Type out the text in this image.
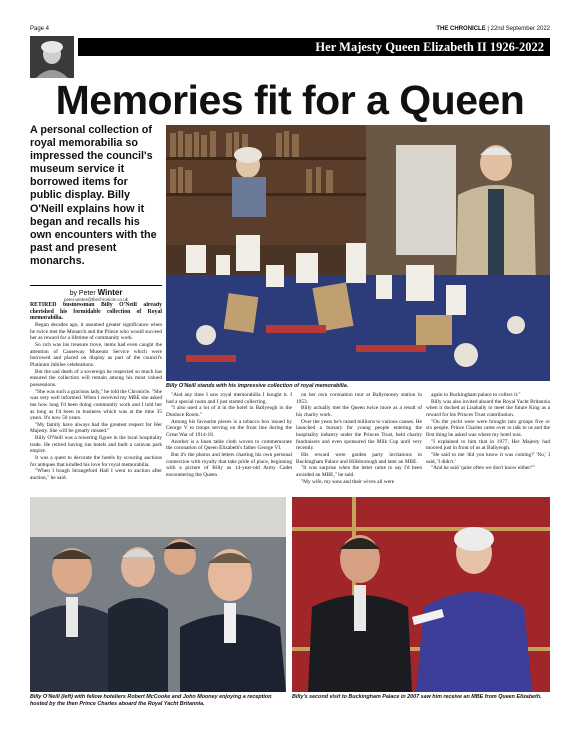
Page 4	THE CHRONICLE | 22nd September 2022
Her Majesty Queen Elizabeth II 1926-2022
Memories fit for a Queen
A personal collection of royal memorabilia so impressed the council's museum service it borrowed items for public display. Billy O'Neill explains how it began and recalls his own encounters with the past and present monarchs.
by Peter Winter
peter.winter@thechronicle.co.uk

RETIRED businessman Billy O'Neill already cherished his formidable collection of Royal memorabilia.

Begun decades ago, it assumed greater significance when he twice met the Monarch and the Prince who would succeed her as reward for a lifetime of community work.

So rich was his treasure trove, items had even caught the attention of Causeway Museum Service which were borrowed and placed on display as part of the council's Platinum Jubilee celebrations.

But the sad death of a sovereign he respected so much has ensured the collection will remain among his most valued possessions.

"She was such a gracious lady," he told the Chronicle. "She was very well informed. When I received my MBE she asked me how long I'd been doing community work and I told her as long as I'd been in business which was at the time 35 years. It's now 50 years.

"My family have always had the greatest respect for Her Majesty. She will be greatly missed."

Billy O'Neill was a towering figure in the local hospitality trade. He retired having run hotels and built a caravan park empire.

It was a quest to decorate the hotels by scouring auctions for antiques that kindled his love for royal memorabilia.

"When I bough Strangeford Hall I went to auction after auction," he said.

Billy O'Neill stands with his impressive collection of royal memorabilia.

"And any time I saw royal memorabilia I bought it. I had a special room and I just started collecting.

"I also used a lot of it in the hotel in Ballyeogh in the Dunluce Room."

Among his favourite pieces is a tobacco box issued by George V to troops serving on the front line during the Great War of 1914-18.

Another is a linen table cloth woven to commemorate the coronation of Queen Elizabeth's father George VI.

But it's the photos and letters charting his own personal connection with royalty that take pride of place, beginning with a picture of Billy as 14-year-old Army Cadet encountering the Queen

on her own coronation tour at Ballymoney station in 1953.

Billy actually met the Queen twice more as a result of his charity work.

Over the years he's raised millions to various causes. He launched a bursary for young people entering the hospitality industry under the Princes Trust, held charity fundraisers and even sponsored the Milk Cup until very recently.

His reward were garden party invitations to Buckingham Palace and Hillsborough and later an MBE.

"It was surprise when the letter came to say I'd been awarded an MBE," he said.

"My wife, my sons and their wives all were

again to Buckingham palace to collect it."

Billy was also invited aboard the Royal Yacht Britannia when it docked at Lisahally to meet the future King as a reward for his Princes Trust contribution.

"On the yacht were were brought into groups five or six people. Prince Charles came over to talk to us and the first thing he asked was where my hotel was.

"I explained to him that in 1977, Her Majesty had moored just in front of us at Ballyeogh.

"He said to me 'did you know it was coming?' 'No,' I said, 'I didn't.'

"And he said 'quite often we don't know either!'"

Billy O'Neill (left) with fellow hoteliers Robert McCooke and John Mooney enjoying a reception hosted by the then Prince Charles aboard the Royal Yacht Britannia.
Billy's second visit to Buckingham Palace in 2007 saw him receive an MBE from Queen Elizabeth.
